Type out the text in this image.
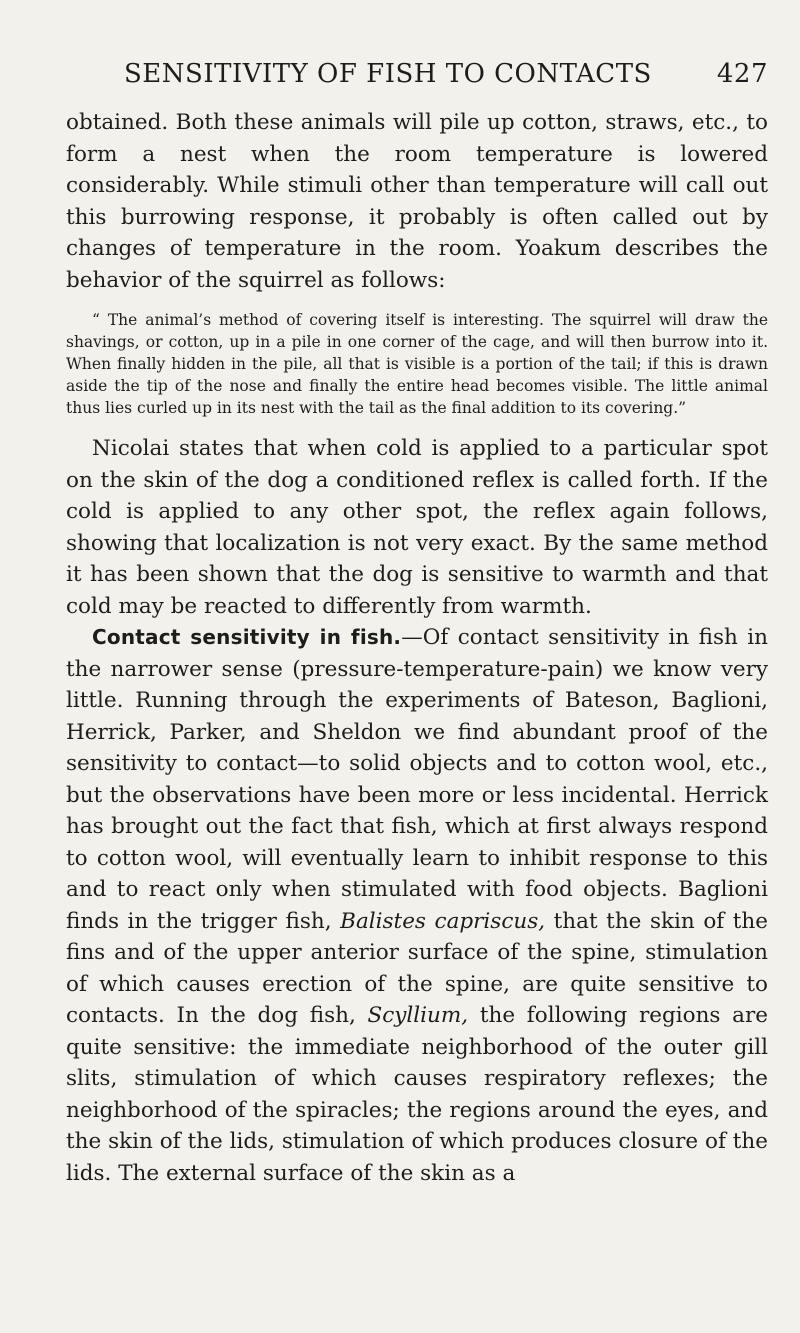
SENSITIVITY OF FISH TO CONTACTS	427

obtained. Both these animals will pile up cotton, straws, etc., to form a nest when the room temperature is lowered considerably. While stimuli other than temperature will call out this burrowing response, it probably is often called out by changes of temperature in the room. Yoakum describes the behavior of the squirrel as follows:

“ The animal’s method of covering itself is interesting. The squirrel will draw the shavings, or cotton, up in a pile in one corner of the cage, and will then burrow into it. When finally hidden in the pile, all that is visible is a portion of the tail; if this is drawn aside the tip of the nose and finally the entire head becomes visible. The little animal thus lies curled up in its nest with the tail as the final addition to its covering.”

Nicolai states that when cold is applied to a particular spot on the skin of the dog a conditioned reflex is called forth. If the cold is applied to any other spot, the reflex again follows, showing that localization is not very exact. By the same method it has been shown that the dog is sensitive to warmth and that cold may be reacted to differently from warmth.

Contact sensitivity in fish.—Of contact sensitivity in fish in the narrower sense (pressure-temperature-pain) we know very little. Running through the experiments of Bateson, Baglioni, Herrick, Parker, and Sheldon we find abundant proof of the sensitivity to contact—to solid objects and to cotton wool, etc., but the observations have been more or less incidental. Herrick has brought out the fact that fish, which at first always respond to cotton wool, will eventually learn to inhibit response to this and to react only when stimulated with food objects. Baglioni finds in the trigger fish, Balistes capriscus, that the skin of the fins and of the upper anterior surface of the spine, stimulation of which causes erection of the spine, are quite sensitive to contacts. In the dog fish, Scyllium, the following regions are quite sensitive: the immediate neighborhood of the outer gill slits, stimulation of which causes respiratory reflexes; the neighborhood of the spiracles; the regions around the eyes, and the skin of the lids, stimulation of which produces closure of the lids. The external surface of the skin as a
